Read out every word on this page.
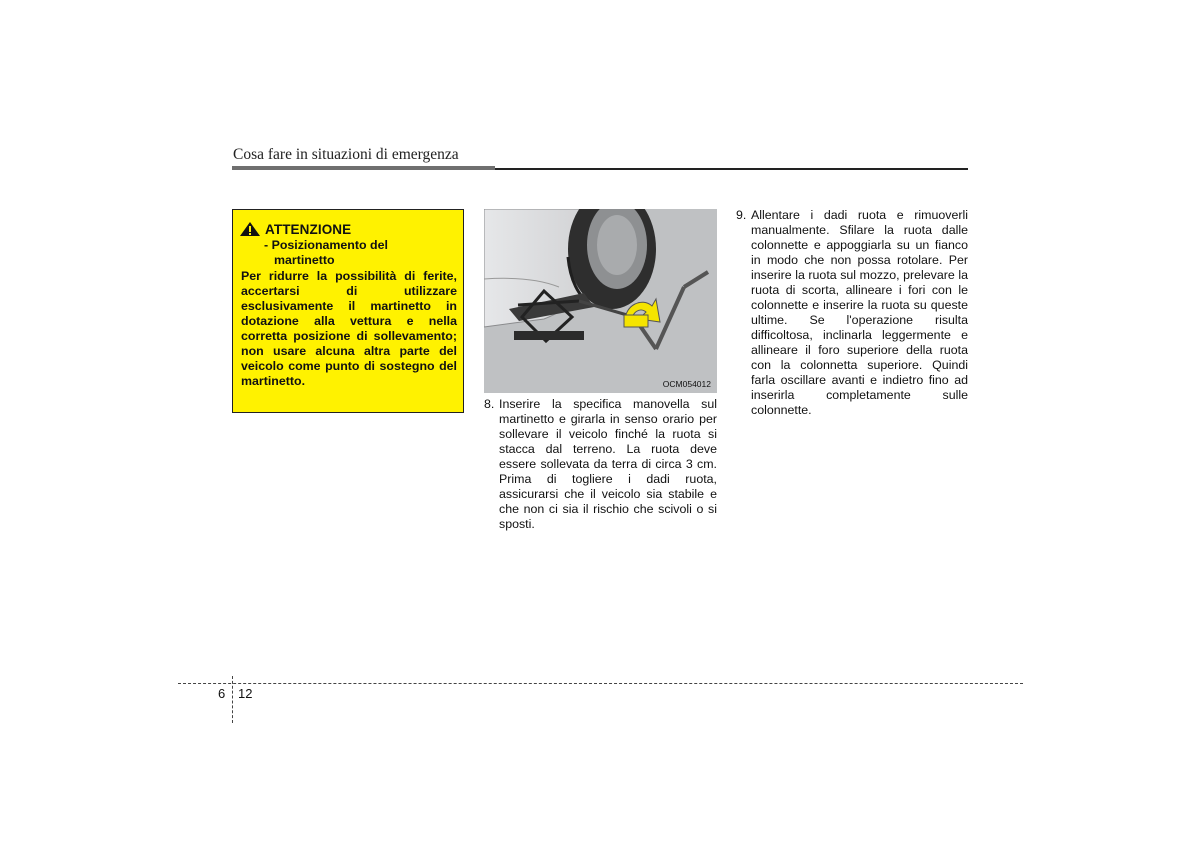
Cosa fare in situazioni di emergenza
ATTENZIONE
- Posizionamento del
martinetto
Per ridurre la possibilità di ferite, accertarsi di utilizzare esclusivamente il martinetto in dotazione alla vettura e nella corretta posizione di sollevamento; non usare alcuna altra parte del veicolo come punto di sostegno del martinetto.	OCM054012
8. Inserire la specifica manovella sul martinetto e girarla in senso orario per sollevare il veicolo finché la ruota si stacca dal terreno. La ruota deve essere sollevata da terra di circa 3 cm. Prima di togliere i dadi ruota, assicurarsi che il veicolo sia stabile e che non ci sia il rischio che scivoli o si sposti.
9. Allentare i dadi ruota e rimuoverli manualmente. Sfilare la ruota dalle colonnette e appoggiarla su un fianco in modo che non possa rotolare. Per inserire la ruota sul mozzo, prelevare la ruota di scorta, allineare i fori con le colonnette e inserire la ruota su queste ultime. Se l'operazione risulta difficoltosa, inclinarla leggermente e allineare il foro superiore della ruota con la colonnetta superiore. Quindi farla oscillare avanti e indietro fino ad inserirla completamente sulle colonnette.
6 12
